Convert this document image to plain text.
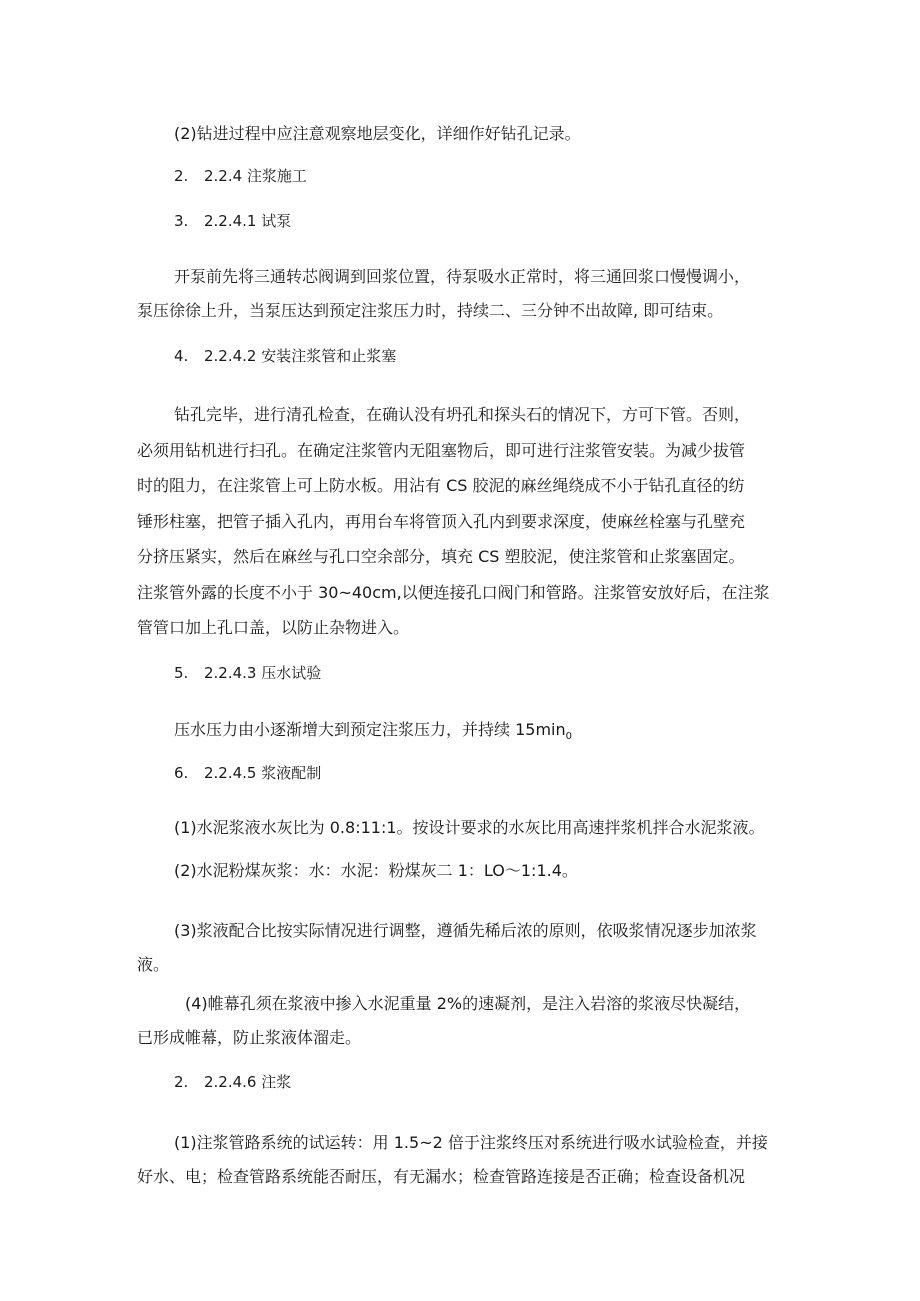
(2)钻进过程中应注意观察地层变化，详细作好钻孔记录。
2. 2.2.4 注浆施工
3. 2.2.4.1 试泵
开泵前先将三通转芯阀调到回浆位置，待泵吸水正常时，将三通回浆口慢慢调小，
泵压徐徐上升，当泵压达到预定注浆压力时，持续二、三分钟不出故障, 即可结束。
4. 2.2.4.2 安装注浆管和止浆塞
钻孔完毕，进行清孔检查，在确认没有坍孔和探头石的情况下，方可下管。否则，
必须用钻机进行扫孔。在确定注浆管内无阻塞物后，即可进行注浆管安装。为减少拔管
时的阻力，在注浆管上可上防水板。用沾有 CS 胶泥的麻丝绳绕成不小于钻孔直径的纺
锤形柱塞，把管子插入孔内，再用台车将管顶入孔内到要求深度，使麻丝栓塞与孔壁充
分挤压紧实，然后在麻丝与孔口空余部分，填充 CS 塑胶泥，使注浆管和止浆塞固定。
注浆管外露的长度不小于 30~40cm,以便连接孔口阀门和管路。注浆管安放好后，在注浆
管管口加上孔口盖，以防止杂物进入。
5. 2.2.4.3 压水试验
压水压力由小逐渐增大到预定注浆压力，并持续 $15\min_0$
6. 2.2.4.5 浆液配制
(1)水泥浆液水灰比为 0.8:11:1。按设计要求的水灰比用高速拌浆机拌合水泥浆液。
(2)水泥粉煤灰浆：水：水泥：粉煤灰二 1：LO～1:1.4。
(3)浆液配合比按实际情况进行调整，遵循先稀后浓的原则，依吸浆情况逐步加浓浆
液。
(4)帷幕孔须在浆液中掺入水泥重量 2%的速凝剂，是注入岩溶的浆液尽快凝结，
已形成帷幕，防止浆液体溜走。
2. 2.2.4.6 注浆
(1)注浆管路系统的试运转：用 1.5~2 倍于注浆终压对系统进行吸水试验检查，并接
好水、电；检查管路系统能否耐压，有无漏水；检查管路连接是否正确；检查设备机况
